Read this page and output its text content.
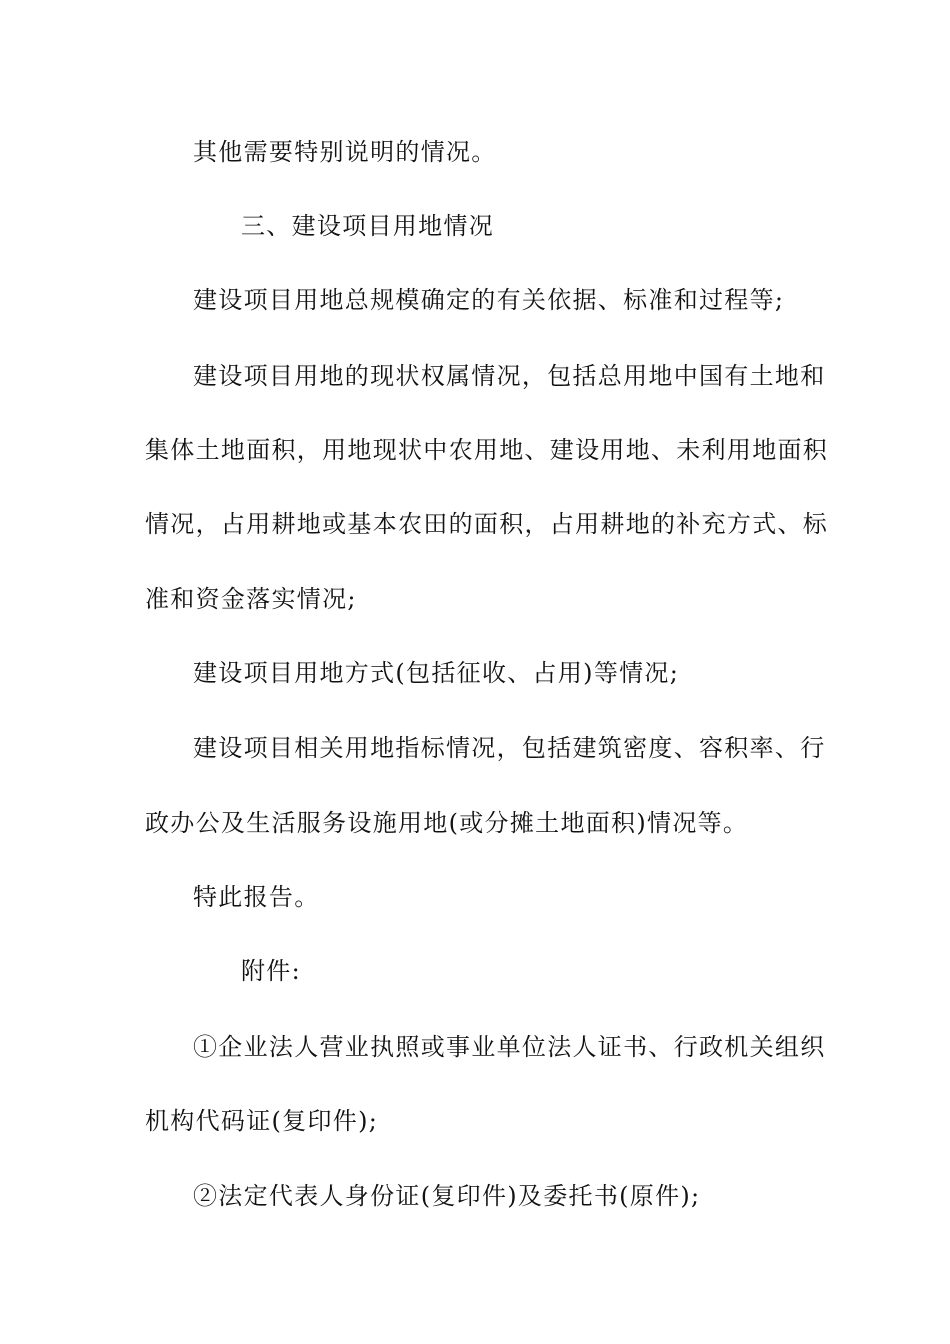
其他需要特别说明的情况。
三、建设项目用地情况
建设项目用地总规模确定的有关依据、标准和过程等;
建设项目用地的现状权属情况，包括总用地中国有土地和
集体土地面积，用地现状中农用地、建设用地、未利用地面积
情况，占用耕地或基本农田的面积，占用耕地的补充方式、标
准和资金落实情况;
建设项目用地方式(包括征收、占用)等情况;
建设项目相关用地指标情况，包括建筑密度、容积率、行
政办公及生活服务设施用地(或分摊土地面积)情况等。
特此报告。
附件:
①企业法人营业执照或事业单位法人证书、行政机关组织
机构代码证(复印件);
②法定代表人身份证(复印件)及委托书(原件);
